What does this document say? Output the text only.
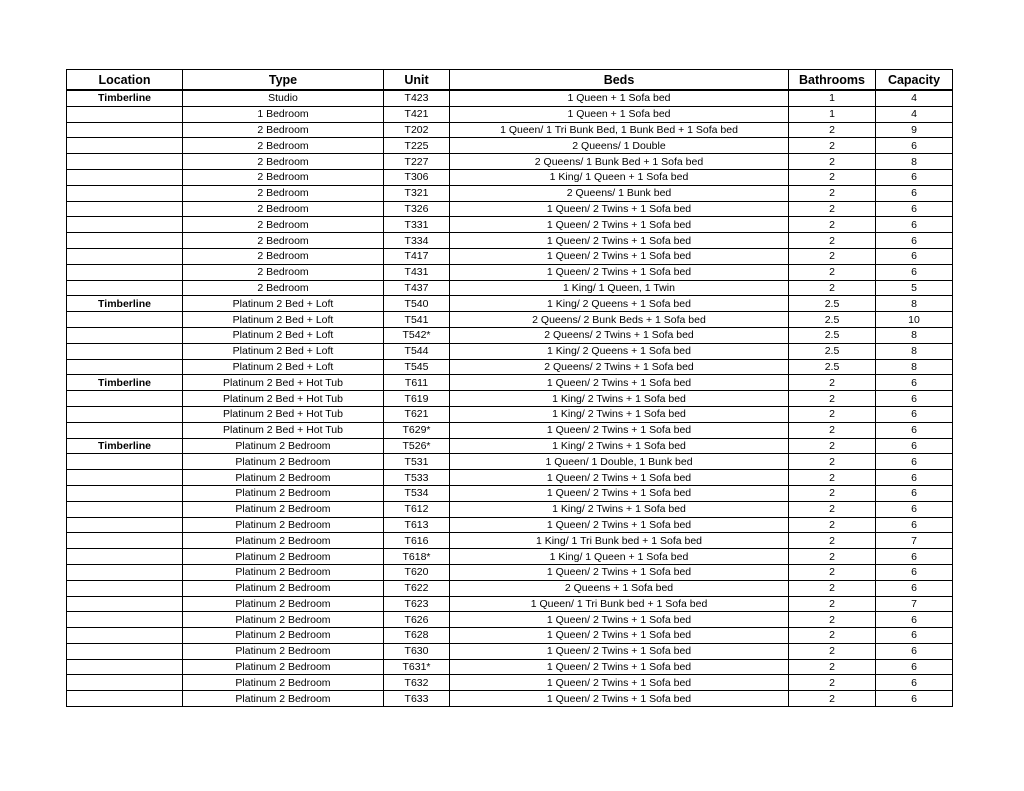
Location	Type	Unit	Beds	Bathrooms	Capacity
Timberline	Studio	T423	1 Queen + 1 Sofa bed	1	4
	1 Bedroom	T421	1 Queen + 1 Sofa bed	1	4
	2 Bedroom	T202	1 Queen/ 1 Tri Bunk Bed, 1 Bunk Bed + 1 Sofa bed	2	9
	2 Bedroom	T225	2 Queens/ 1 Double	2	6
	2 Bedroom	T227	2 Queens/ 1 Bunk Bed + 1 Sofa bed	2	8
	2 Bedroom	T306	1 King/ 1 Queen + 1 Sofa bed	2	6
	2 Bedroom	T321	2 Queens/ 1 Bunk bed	2	6
	2 Bedroom	T326	1 Queen/ 2 Twins + 1 Sofa bed	2	6
	2 Bedroom	T331	1 Queen/ 2 Twins + 1 Sofa bed	2	6
	2 Bedroom	T334	1 Queen/ 2 Twins + 1 Sofa bed	2	6
	2 Bedroom	T417	1 Queen/ 2 Twins + 1 Sofa bed	2	6
	2 Bedroom	T431	1 Queen/ 2 Twins + 1 Sofa bed	2	6
	2 Bedroom	T437	1 King/ 1 Queen, 1 Twin	2	5
Timberline	Platinum 2 Bed + Loft	T540	1 King/ 2 Queens + 1 Sofa bed	2.5	8
	Platinum 2 Bed + Loft	T541	2 Queens/ 2 Bunk Beds + 1 Sofa bed	2.5	10
	Platinum 2 Bed + Loft	T542*	2 Queens/ 2 Twins + 1 Sofa bed	2.5	8
	Platinum 2 Bed + Loft	T544	1 King/ 2 Queens + 1 Sofa bed	2.5	8
	Platinum 2 Bed + Loft	T545	2 Queens/ 2 Twins + 1 Sofa bed	2.5	8
Timberline	Platinum 2 Bed + Hot Tub	T611	1 Queen/ 2 Twins + 1 Sofa bed	2	6
	Platinum 2 Bed + Hot Tub	T619	1 King/ 2 Twins + 1 Sofa bed	2	6
	Platinum 2 Bed + Hot Tub	T621	1 King/ 2 Twins + 1 Sofa bed	2	6
	Platinum 2 Bed + Hot Tub	T629*	1 Queen/ 2 Twins + 1 Sofa bed	2	6
Timberline	Platinum 2 Bedroom	T526*	1 King/ 2 Twins + 1 Sofa bed	2	6
	Platinum 2 Bedroom	T531	1 Queen/ 1 Double, 1 Bunk bed	2	6
	Platinum 2 Bedroom	T533	1 Queen/ 2 Twins + 1 Sofa bed	2	6
	Platinum 2 Bedroom	T534	1 Queen/ 2 Twins + 1 Sofa bed	2	6
	Platinum 2 Bedroom	T612	1 King/ 2 Twins + 1 Sofa bed	2	6
	Platinum 2 Bedroom	T613	1 Queen/ 2 Twins + 1 Sofa bed	2	6
	Platinum 2 Bedroom	T616	1 King/ 1 Tri Bunk bed + 1 Sofa bed	2	7
	Platinum 2 Bedroom	T618*	1 King/ 1 Queen + 1 Sofa bed	2	6
	Platinum 2 Bedroom	T620	1 Queen/ 2 Twins + 1 Sofa bed	2	6
	Platinum 2 Bedroom	T622	2 Queens + 1 Sofa bed	2	6
	Platinum 2 Bedroom	T623	1 Queen/ 1 Tri Bunk bed + 1 Sofa bed	2	7
	Platinum 2 Bedroom	T626	1 Queen/ 2 Twins + 1 Sofa bed	2	6
	Platinum 2 Bedroom	T628	1 Queen/ 2 Twins + 1 Sofa bed	2	6
	Platinum 2 Bedroom	T630	1 Queen/ 2 Twins + 1 Sofa bed	2	6
	Platinum 2 Bedroom	T631*	1 Queen/ 2 Twins + 1 Sofa bed	2	6
	Platinum 2 Bedroom	T632	1 Queen/ 2 Twins + 1 Sofa bed	2	6
	Platinum 2 Bedroom	T633	1 Queen/ 2 Twins + 1 Sofa bed	2	6
